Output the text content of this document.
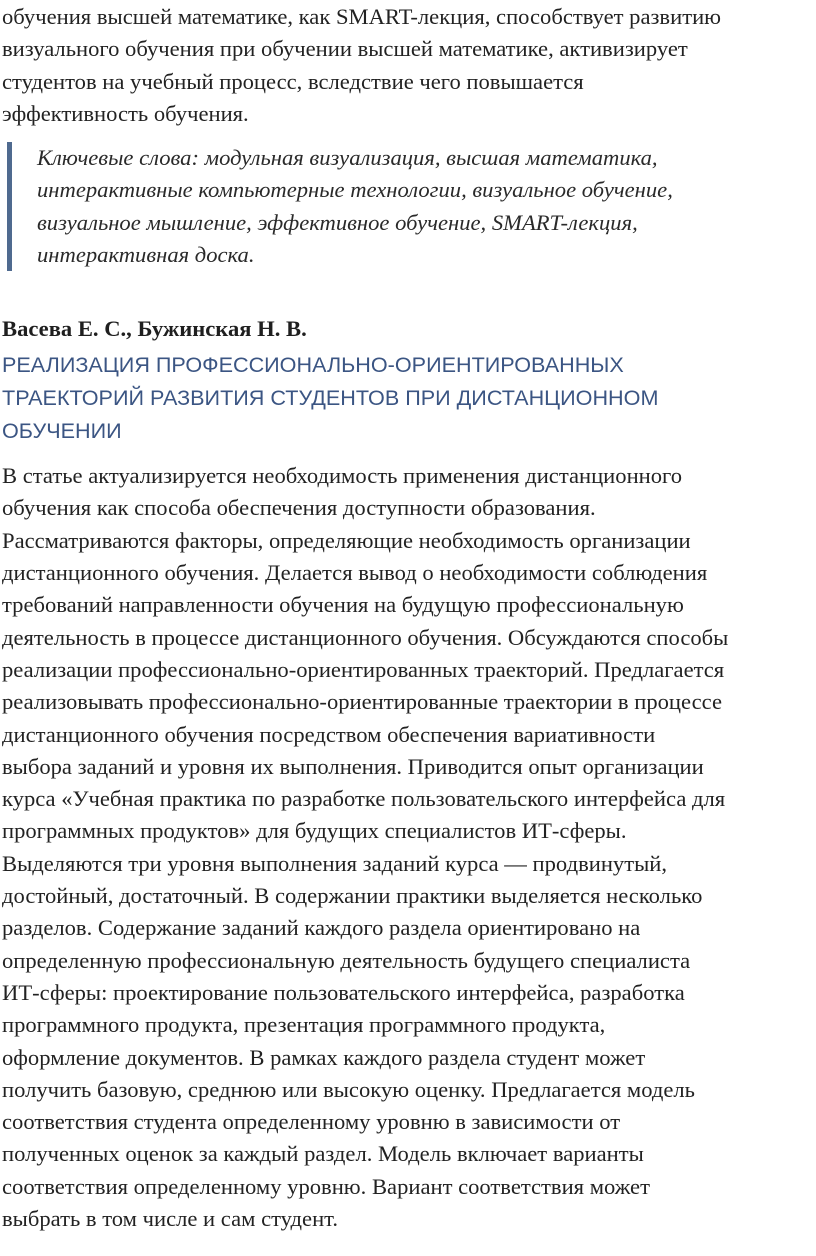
обучения высшей математике, как SMART-лекция, способствует развитию
визуального обучения при обучении высшей математике, активизирует
студентов на учебный процесс, вследствие чего повышается
эффективность обучения.

Ключевые слова: модульная визуализация, высшая математика,
интерактивные компьютерные технологии, визуальное обучение,
визуальное мышление, эффективное обучение, SMART-лекция,
интерактивная доска.
Васева Е. С., Бужинская Н. В.
РЕАЛИЗАЦИЯ ПРОФЕССИОНАЛЬНО-ОРИЕНТИРОВАННЫХ
ТРАЕКТОРИЙ РАЗВИТИЯ СТУДЕНТОВ ПРИ ДИСТАНЦИОННОМ
ОБУЧЕНИИ

В статье актуализируется необходимость применения дистанционного
обучения как способа обеспечения доступности образования.
Рассматриваются факторы, определяющие необходимость организации
дистанционного обучения. Делается вывод о необходимости соблюдения
требований направленности обучения на будущую профессиональную
деятельность в процессе дистанционного обучения. Обсуждаются способы
реализации профессионально-ориентированных траекторий. Предлагается
реализовывать профессионально-ориентированные траектории в процессе
дистанционного обучения посредством обеспечения вариативности
выбора заданий и уровня их выполнения. Приводится опыт организации
курса «Учебная практика по разработке пользовательского интерфейса для
программных продуктов» для будущих специалистов ИТ-сферы.
Выделяются три уровня выполнения заданий курса — продвинутый,
достойный, достаточный. В содержании практики выделяется несколько
разделов. Содержание заданий каждого раздела ориентировано на
определенную профессиональную деятельность будущего специалиста
ИТ-сферы: проектирование пользовательского интерфейса, разработка
программного продукта, презентация программного продукта,
оформление документов. В рамках каждого раздела студент может
получить базовую, среднюю или высокую оценку. Предлагается модель
соответствия студента определенному уровню в зависимости от
полученных оценок за каждый раздел. Модель включает варианты
соответствия определенному уровню. Вариант соответствия может
выбрать в том числе и сам студент.
